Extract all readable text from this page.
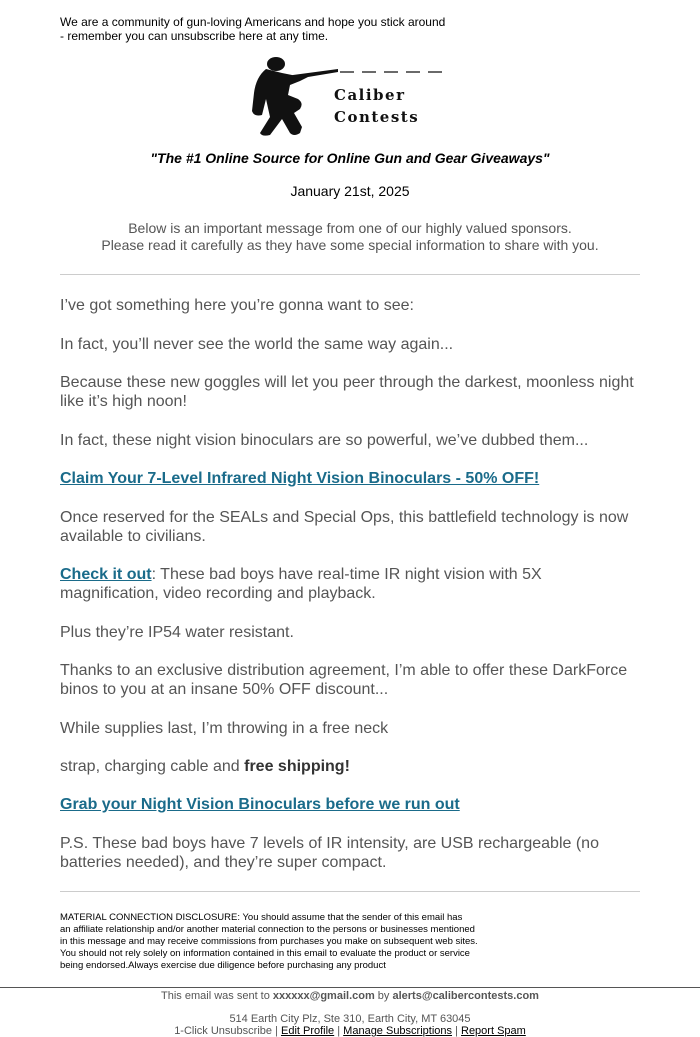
We are a community of gun-loving Americans and hope you stick around
- remember you can unsubscribe here at any time.
Caliber
Contests
"The #1 Online Source for Online Gun and Gear Giveaways"
January 21st, 2025
Below is an important message from one of our highly valued sponsors.
Please read it carefully as they have some special information to share with you.

I’ve got something here you’re gonna want to see:

In fact, you’ll never see the world the same way again...

Because these new goggles will let you peer through the darkest, moonless night
like it’s high noon!

In fact, these night vision binoculars are so powerful, we’ve dubbed them...

Claim Your 7-Level Infrared Night Vision Binoculars - 50% OFF!

Once reserved for the SEALs and Special Ops, this battlefield technology is now
available to civilians.

Check it out: These bad boys have real-time IR night vision with 5X
magnification, video recording and playback.

Plus they’re IP54 water resistant.

Thanks to an exclusive distribution agreement, I’m able to offer these DarkForce
binos to you at an insane 50% OFF discount...

While supplies last, I’m throwing in a free neck

strap, charging cable and free shipping!

Grab your Night Vision Binoculars before we run out

P.S. These bad boys have 7 levels of IR intensity, are USB rechargeable (no
batteries needed), and they’re super compact.

MATERIAL CONNECTION DISCLOSURE: You should assume that the sender of this email has
an affiliate relationship and/or another material connection to the persons or businesses mentioned
in this message and may receive commissions from purchases you make on subsequent web sites.
You should not rely solely on information contained in this email to evaluate the product or service
being endorsed.Always exercise due diligence before purchasing any product
This email was sent to xxxxxx@gmail.com by alerts@calibercontests.com
514 Earth City Plz, Ste 310, Earth City, MT 63045
1-Click Unsubscribe | Edit Profile | Manage Subscriptions | Report Spam
